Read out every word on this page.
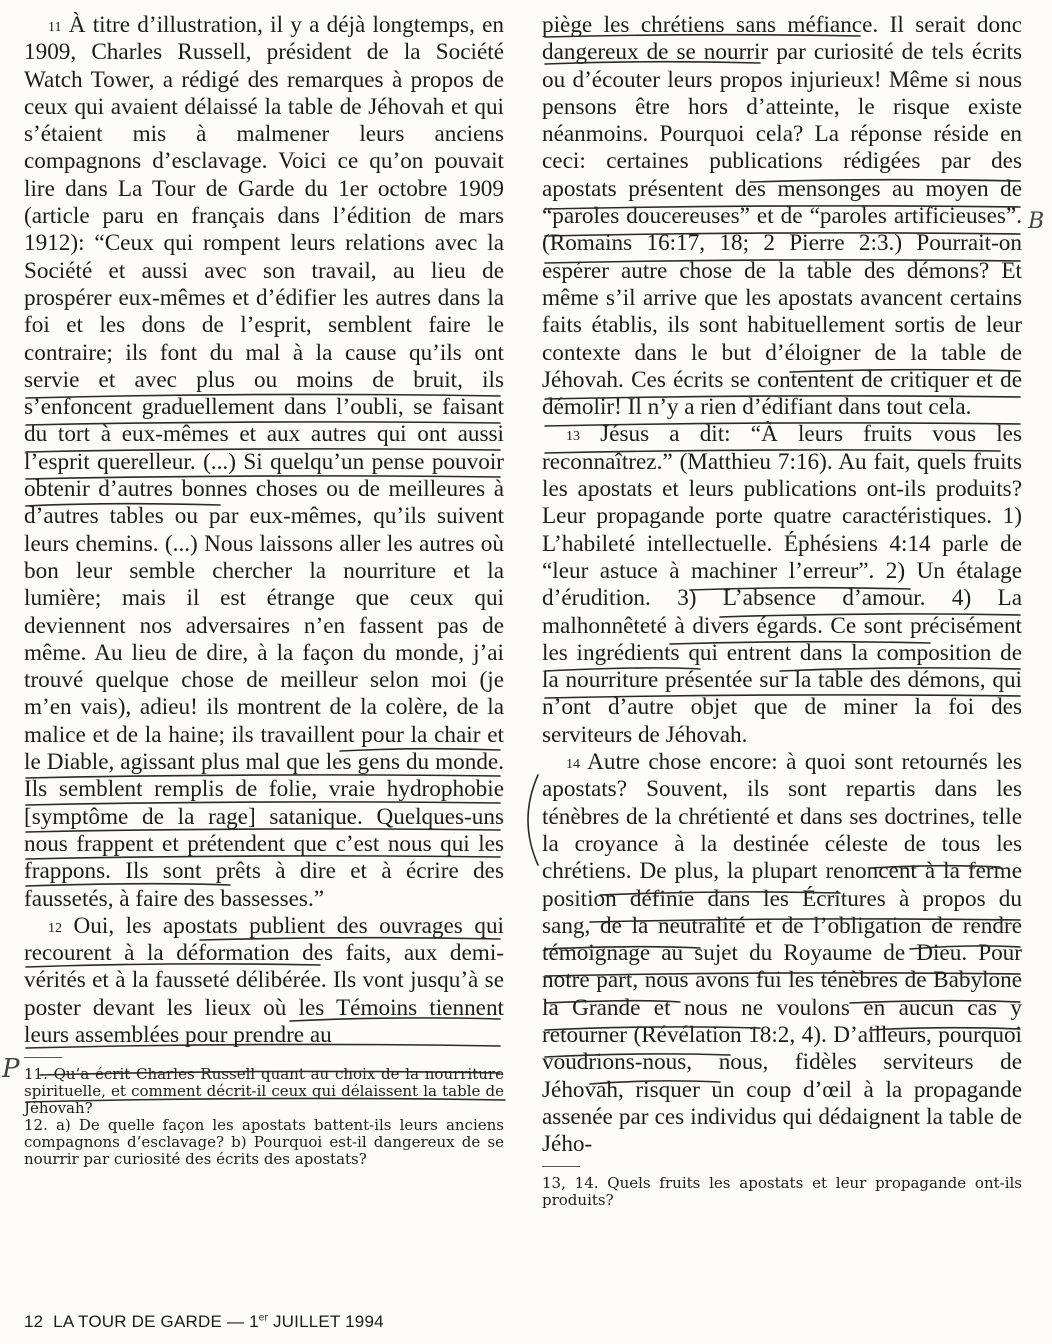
$^{11}$ À titre d’illustration, il y a déjà longtemps, en 1909, Charles Russell, président de la Société Watch Tower, a rédigé des remarques à propos de ceux qui avaient délaissé la table de Jéhovah et qui s’étaient mis à malmener leurs anciens compagnons d’esclavage. Voici ce qu’on pouvait lire dans La Tour de Garde du 1er octobre 1909 (article paru en français dans l’édition de mars 1912): “Ceux qui rompent leurs relations avec la Société et aussi avec son travail, au lieu de prospérer eux-mêmes et d’édifier les autres dans la foi et les dons de l’esprit, semblent faire le contraire; ils font du mal à la cause qu’ils ont servie et avec plus ou moins de bruit, ils s’enfoncent graduellement dans l’oubli, se faisant du tort à eux-mêmes et aux autres qui ont aussi l’esprit querelleur. (...) Si quelqu’un pense pouvoir obtenir d’autres bonnes choses ou de meilleures à d’autres tables ou par eux-mêmes, qu’ils suivent leurs chemins. (...) Nous laissons aller les autres où bon leur semble chercher la nourriture et la lumière; mais il est étrange que ceux qui deviennent nos adversaires n’en fassent pas de même. Au lieu de dire, à la façon du monde, j’ai trouvé quelque chose de meilleur selon moi (je m’en vais), adieu! ils montrent de la colère, de la malice et de la haine; ils travaillent pour la chair et le Diable, agissant plus mal que les gens du monde. Ils semblent remplis de folie, vraie hydrophobie [symptôme de la rage] satanique. Quelques-uns nous frappent et prétendent que c’est nous qui les frappons. Ils sont prêts à dire et à écrire des faussetés, à faire des bassesses.”

$^{12}$ Oui, les apostats publient des ouvrages qui recourent à la déformation des faits, aux demi-vérités et à la fausseté délibérée. Ils vont jusqu’à se poster devant les lieux où les Témoins tiennent leurs assemblées pour prendre au

11. Qu’a écrit Charles Russell quant au choix de la nourriture spirituelle, et comment décrit-il ceux qui délaissent la table de Jéhovah?

12. a) De quelle façon les apostats battent-ils leurs anciens compagnons d’esclavage? b) Pourquoi est-il dangereux de se nourrir par curiosité des écrits des apostats?

piège les chrétiens sans méfiance. Il serait donc dangereux de se nourrir par curiosité de tels écrits ou d’écouter leurs propos injurieux! Même si nous pensons être hors d’atteinte, le risque existe néanmoins. Pourquoi cela? La réponse réside en ceci: certaines publications rédigées par des apostats présentent des mensonges au moyen de “paroles doucereuses” et de “paroles artificieuses”. (Romains 16:17, 18; 2 Pierre 2:3.) Pourrait-on espérer autre chose de la table des démons? Et même s’il arrive que les apostats avancent certains faits établis, ils sont habituellement sortis de leur contexte dans le but d’éloigner de la table de Jéhovah. Ces écrits se contentent de critiquer et de démolir! Il n’y a rien d’édifiant dans tout cela.

$^{13}$ Jésus a dit: “À leurs fruits vous les reconnaîtrez.” (Matthieu 7:16). Au fait, quels fruits les apostats et leurs publications ont-ils produits? Leur propagande porte quatre caractéristiques. 1) L’habileté intellectuelle. Éphésiens 4:14 parle de “leur astuce à machiner l’erreur”. 2) Un étalage d’érudition. 3) L’absence d’amour. 4) La malhonnêteté à divers égards. Ce sont précisément les ingrédients qui entrent dans la composition de la nourriture présentée sur la table des démons, qui n’ont d’autre objet que de miner la foi des serviteurs de Jéhovah.

$^{14}$ Autre chose encore: à quoi sont retournés les apostats? Souvent, ils sont repartis dans les ténèbres de la chrétienté et dans ses doctrines, telle la croyance à la destinée céleste de tous les chrétiens. De plus, la plupart renoncent à la ferme position définie dans les Écritures à propos du sang, de la neutralité et de l’obligation de rendre témoignage au sujet du Royaume de Dieu. Pour notre part, nous avons fui les ténèbres de Babylone la Grande et nous ne voulons en aucun cas y retourner (Révélation 18:2, 4). D’ailleurs, pourquoi voudrions-nous, nous, fidèles serviteurs de Jéhovah, risquer un coup d’œil à la propagande assenée par ces individus qui dédaignent la table de Jého-

13, 14. Quels fruits les apostats et leur propagande ont-ils produits?

B
P
12 LA TOUR DE GARDE — 1er JUILLET 1994
